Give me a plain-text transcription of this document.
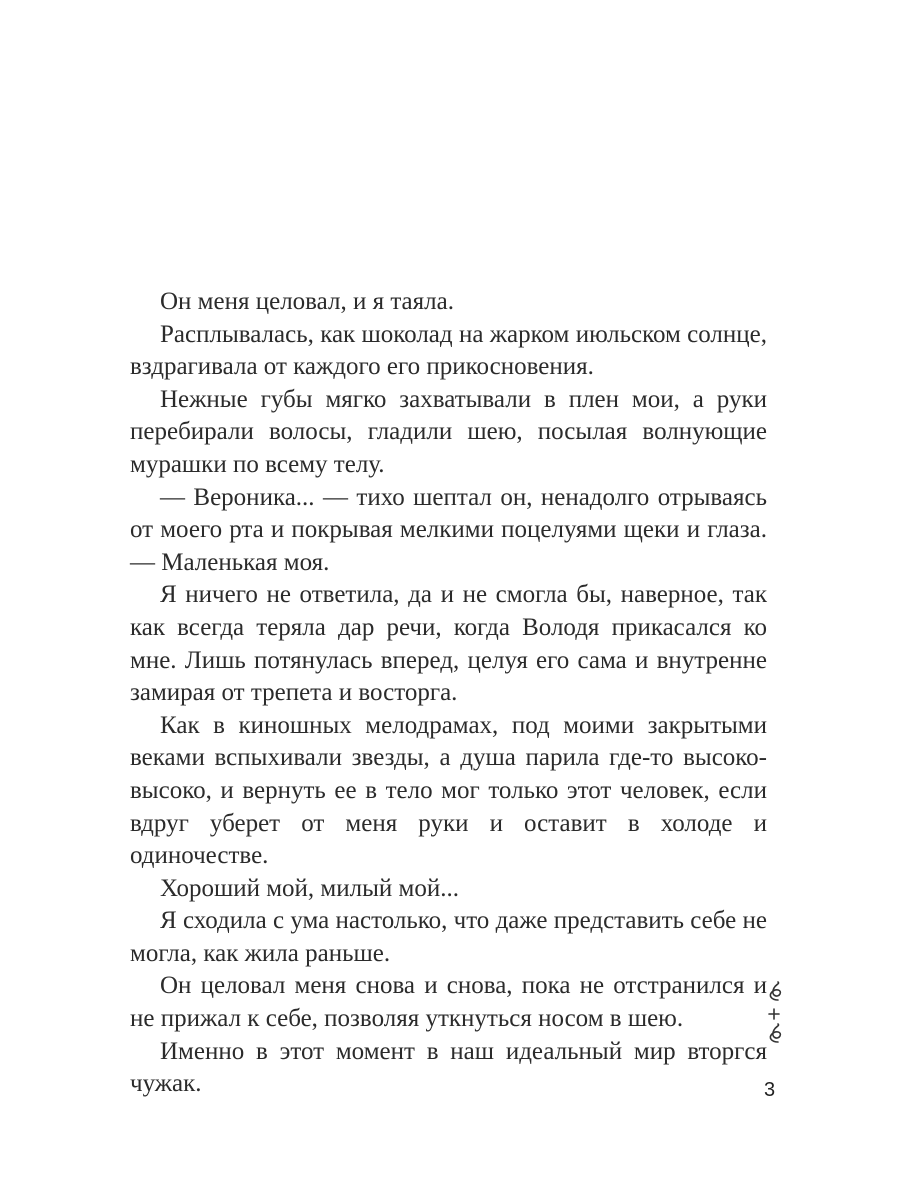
Он меня целовал, и я таяла.

Расплывалась, как шоколад на жарком июльском солнце, вздрагивала от каждого его прикосновения.

Нежные губы мягко захватывали в плен мои, а руки перебирали волосы, гладили шею, посылая волнующие мурашки по всему телу.

— Вероника... — тихо шептал он, ненадолго отрываясь от моего рта и покрывая мелкими поцелуями щеки и глаза. — Маленькая моя.

Я ничего не ответила, да и не смогла бы, наверное, так как всегда теряла дар речи, когда Володя прикасался ко мне. Лишь потянулась вперед, целуя его сама и внутренне замирая от трепета и восторга.

Как в киношных мелодрамах, под моими закрытыми веками вспыхивали звезды, а душа парила где-то высоко-высоко, и вернуть ее в тело мог только этот человек, если вдруг уберет от меня руки и оставит в холоде и одиночестве.

Хороший мой, милый мой...

Я сходила с ума настолько, что даже представить себе не могла, как жила раньше.

Он целовал меня снова и снова, пока не отстранился и не прижал к себе, позволяя уткнуться носом в шею.

Именно в этот момент в наш идеальный мир вторгся чужак.	3
